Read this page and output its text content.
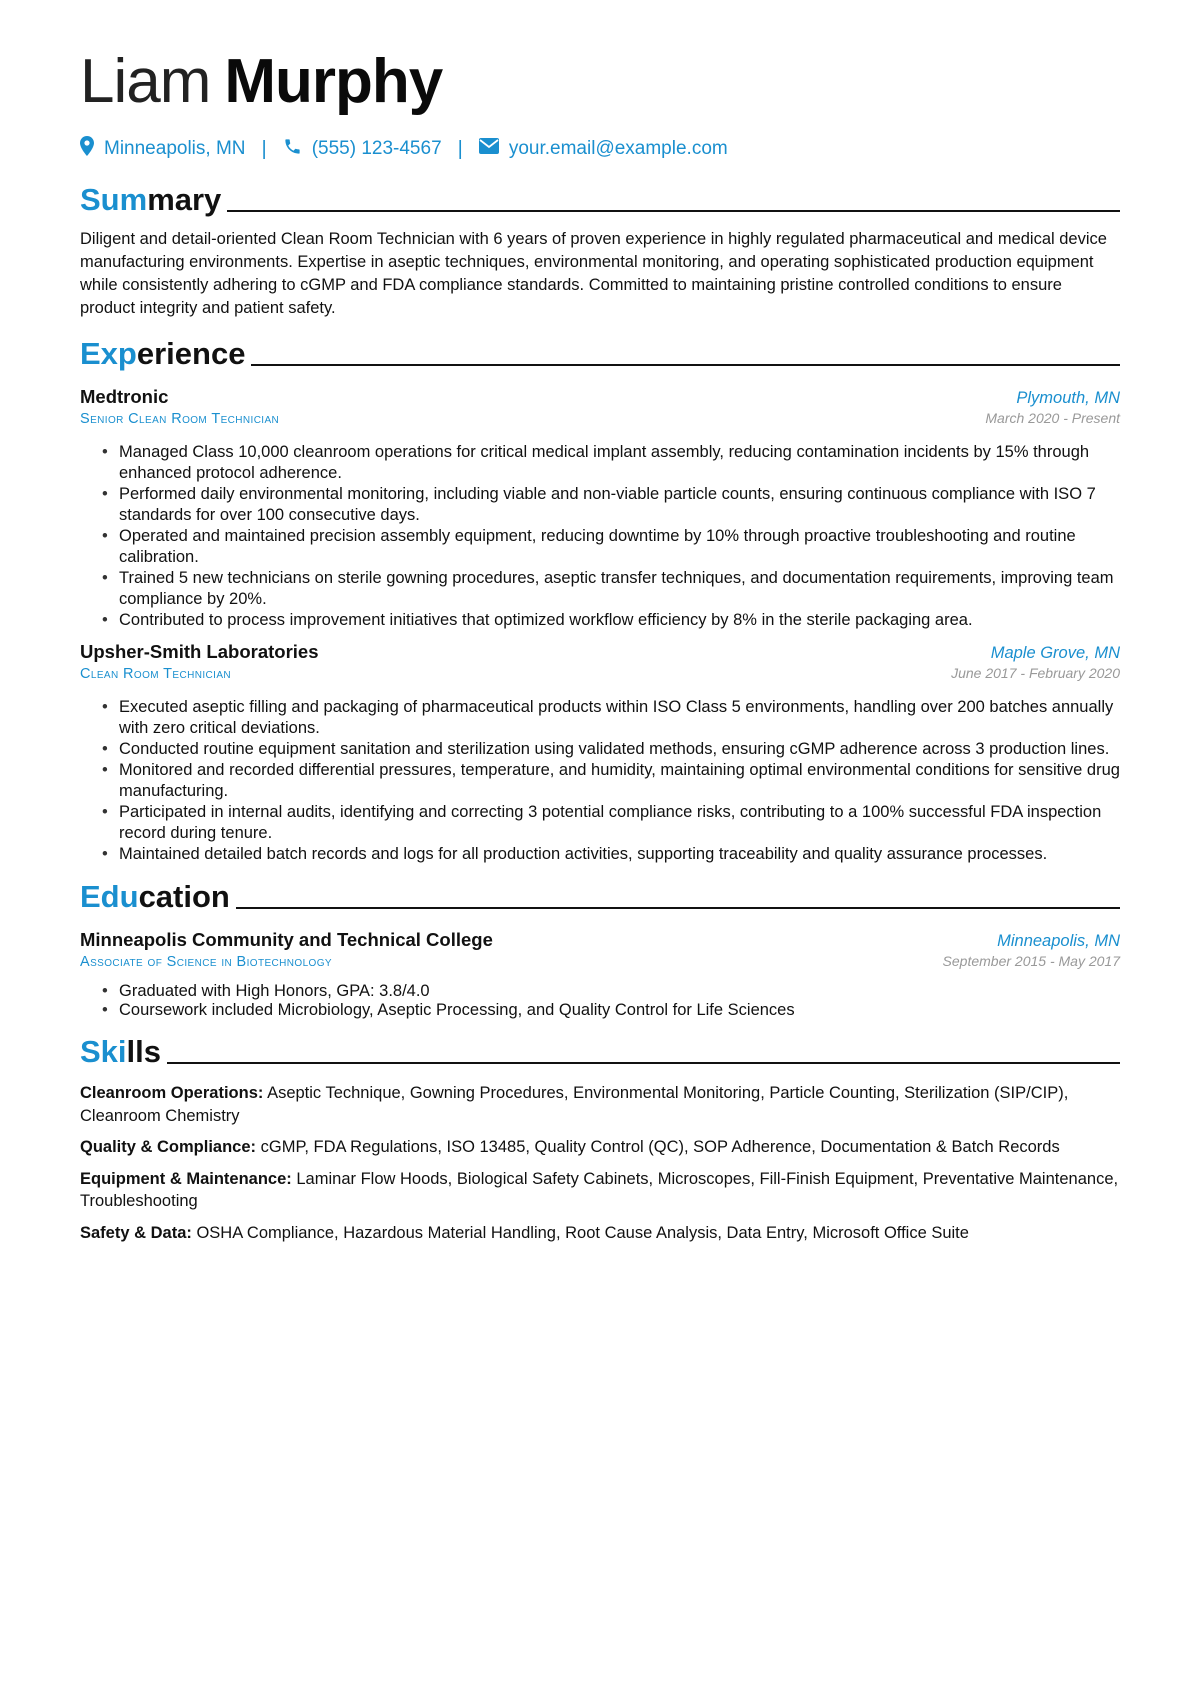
Liam Murphy
Minneapolis, MN | (555) 123-4567 | your.email@example.com
Summary

Diligent and detail-oriented Clean Room Technician with 6 years of proven experience in highly regulated pharmaceutical and medical device manufacturing environments. Expertise in aseptic techniques, environmental monitoring, and operating sophisticated production equipment while consistently adhering to cGMP and FDA compliance standards. Committed to maintaining pristine controlled conditions to ensure product integrity and patient safety.

Experience
Medtronic	Plymouth, MN
Senior Clean Room Technician	March 2020 - Present
• Managed Class 10,000 cleanroom operations for critical medical implant assembly, reducing contamination incidents by 15% through enhanced protocol adherence.
• Performed daily environmental monitoring, including viable and non-viable particle counts, ensuring continuous compliance with ISO 7 standards for over 100 consecutive days.
• Operated and maintained precision assembly equipment, reducing downtime by 10% through proactive troubleshooting and routine calibration.
• Trained 5 new technicians on sterile gowning procedures, aseptic transfer techniques, and documentation requirements, improving team compliance by 20%.
• Contributed to process improvement initiatives that optimized workflow efficiency by 8% in the sterile packaging area.
Upsher-Smith Laboratories	Maple Grove, MN
Clean Room Technician	June 2017 - February 2020
• Executed aseptic filling and packaging of pharmaceutical products within ISO Class 5 environments, handling over 200 batches annually with zero critical deviations.
• Conducted routine equipment sanitation and sterilization using validated methods, ensuring cGMP adherence across 3 production lines.
• Monitored and recorded differential pressures, temperature, and humidity, maintaining optimal environmental conditions for sensitive drug manufacturing.
• Participated in internal audits, identifying and correcting 3 potential compliance risks, contributing to a 100% successful FDA inspection record during tenure.
• Maintained detailed batch records and logs for all production activities, supporting traceability and quality assurance processes.
Education
Minneapolis Community and Technical College	Minneapolis, MN
Associate of Science in Biotechnology	September 2015 - May 2017
• Graduated with High Honors, GPA: 3.8/4.0
• Coursework included Microbiology, Aseptic Processing, and Quality Control for Life Sciences
Skills
Cleanroom Operations: Aseptic Technique, Gowning Procedures, Environmental Monitoring, Particle Counting, Sterilization (SIP/CIP), Cleanroom Chemistry
Quality & Compliance: cGMP, FDA Regulations, ISO 13485, Quality Control (QC), SOP Adherence, Documentation & Batch Records
Equipment & Maintenance: Laminar Flow Hoods, Biological Safety Cabinets, Microscopes, Fill-Finish Equipment, Preventative Maintenance, Troubleshooting
Safety & Data: OSHA Compliance, Hazardous Material Handling, Root Cause Analysis, Data Entry, Microsoft Office Suite
